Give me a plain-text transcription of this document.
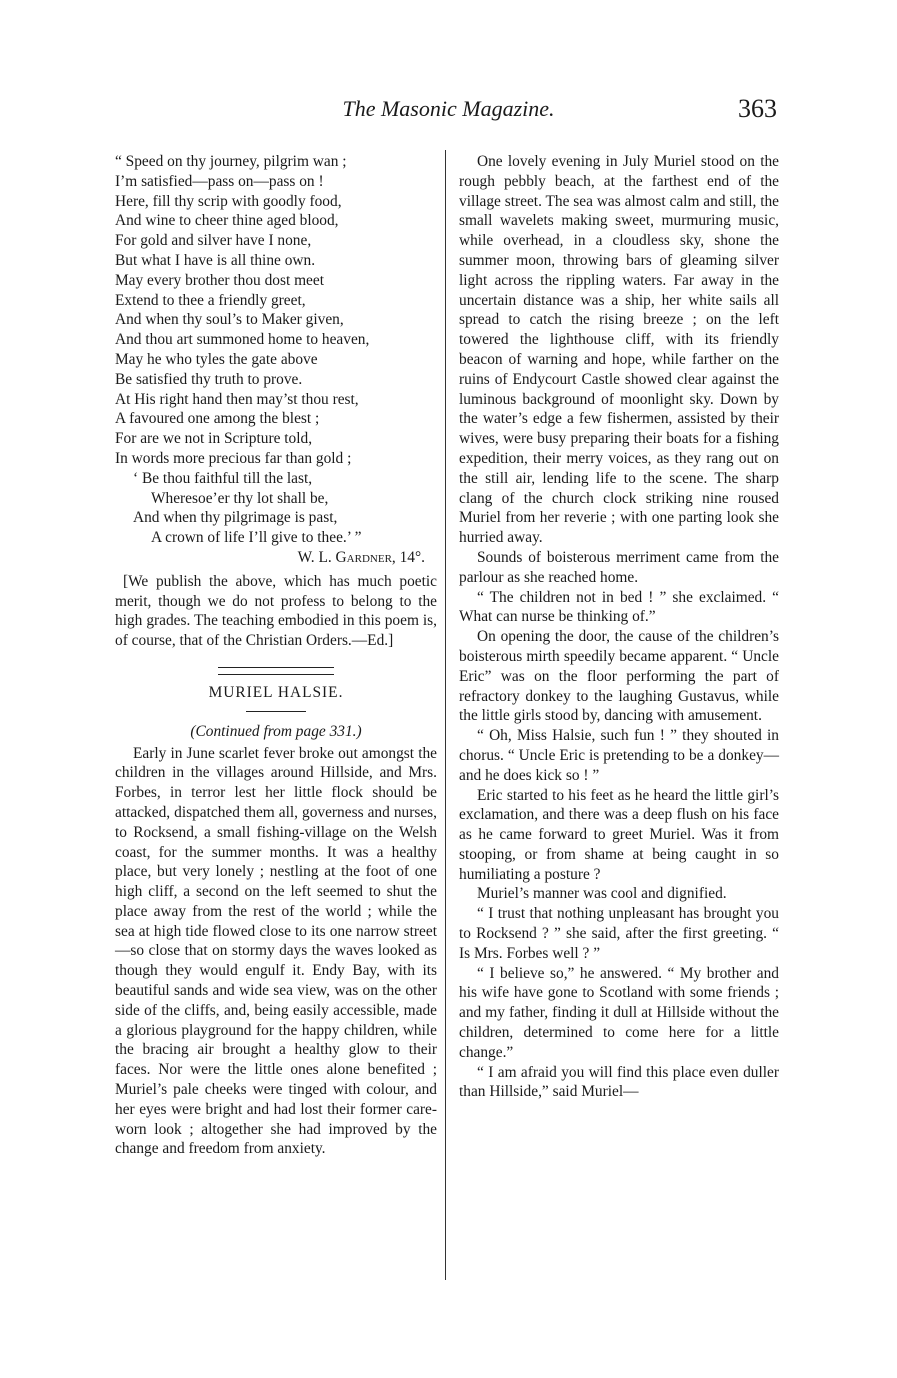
The Masonic Magazine.	363
“ Speed on thy journey, pilgrim wan ;
I’m satisfied—pass on—pass on !
Here, fill thy scrip with goodly food,
And wine to cheer thine aged blood,
For gold and silver have I none,
But what I have is all thine own.
May every brother thou dost meet
Extend to thee a friendly greet,
And when thy soul’s to Maker given,
And thou art summoned home to heaven,
May he who tyles the gate above
Be satisfied thy truth to prove.
At His right hand then may’st thou rest,
A favoured one among the blest ;
For are we not in Scripture told,
In words more precious far than gold ;
‘ Be thou faithful till the last,
Wheresoe’er thy lot shall be,
And when thy pilgrimage is past,
A crown of life I’ll give to thee.’ ”
W. L. Gardner, 14°.

[We publish the above, which has much poetic merit, though we do not profess to belong to the high grades. The teaching embodied in this poem is, of course, that of the Christian Orders.—Ed.]

MURIEL HALSIE.
(Continued from page 331.)

Early in June scarlet fever broke out amongst the children in the villages around Hillside, and Mrs. Forbes, in terror lest her little flock should be attacked, dispatched them all, governess and nurses, to Rocksend, a small fishing-village on the Welsh coast, for the summer months. It was a healthy place, but very lonely ; nestling at the foot of one high cliff, a second on the left seemed to shut the place away from the rest of the world ; while the sea at high tide flowed close to its one narrow street—so close that on stormy days the waves looked as though they would engulf it. Endy Bay, with its beautiful sands and wide sea view, was on the other side of the cliffs, and, being easily accessible, made a glorious playground for the happy children, while the bracing air brought a healthy glow to their faces. Nor were the little ones alone benefited ; Muriel’s pale cheeks were tinged with colour, and her eyes were bright and had lost their former care-worn look ; altogether she had improved by the change and freedom from anxiety.

One lovely evening in July Muriel stood on the rough pebbly beach, at the farthest end of the village street. The sea was almost calm and still, the small wavelets making sweet, murmuring music, while overhead, in a cloudless sky, shone the summer moon, throwing bars of gleaming silver light across the rippling waters. Far away in the uncertain distance was a ship, her white sails all spread to catch the rising breeze ; on the left towered the lighthouse cliff, with its friendly beacon of warning and hope, while farther on the ruins of Endycourt Castle showed clear against the luminous background of moonlight sky. Down by the water’s edge a few fishermen, assisted by their wives, were busy preparing their boats for a fishing expedition, their merry voices, as they rang out on the still air, lending life to the scene. The sharp clang of the church clock striking nine roused Muriel from her reverie ; with one parting look she hurried away.

Sounds of boisterous merriment came from the parlour as she reached home.

“ The children not in bed ! ” she exclaimed. “ What can nurse be thinking of.”

On opening the door, the cause of the children’s boisterous mirth speedily became apparent. “ Uncle Eric” was on the floor performing the part of refractory donkey to the laughing Gustavus, while the little girls stood by, dancing with amusement.

“ Oh, Miss Halsie, such fun ! ” they shouted in chorus. “ Uncle Eric is pretending to be a donkey—and he does kick so ! ”

Eric started to his feet as he heard the little girl’s exclamation, and there was a deep flush on his face as he came forward to greet Muriel. Was it from stooping, or from shame at being caught in so humiliating a posture ?

Muriel’s manner was cool and dignified.

“ I trust that nothing unpleasant has brought you to Rocksend ? ” she said, after the first greeting. “ Is Mrs. Forbes well ? ”

“ I believe so,” he answered. “ My brother and his wife have gone to Scotland with some friends ; and my father, finding it dull at Hillside without the children, determined to come here for a little change.”

“ I am afraid you will find this place even duller than Hillside,” said Muriel—
